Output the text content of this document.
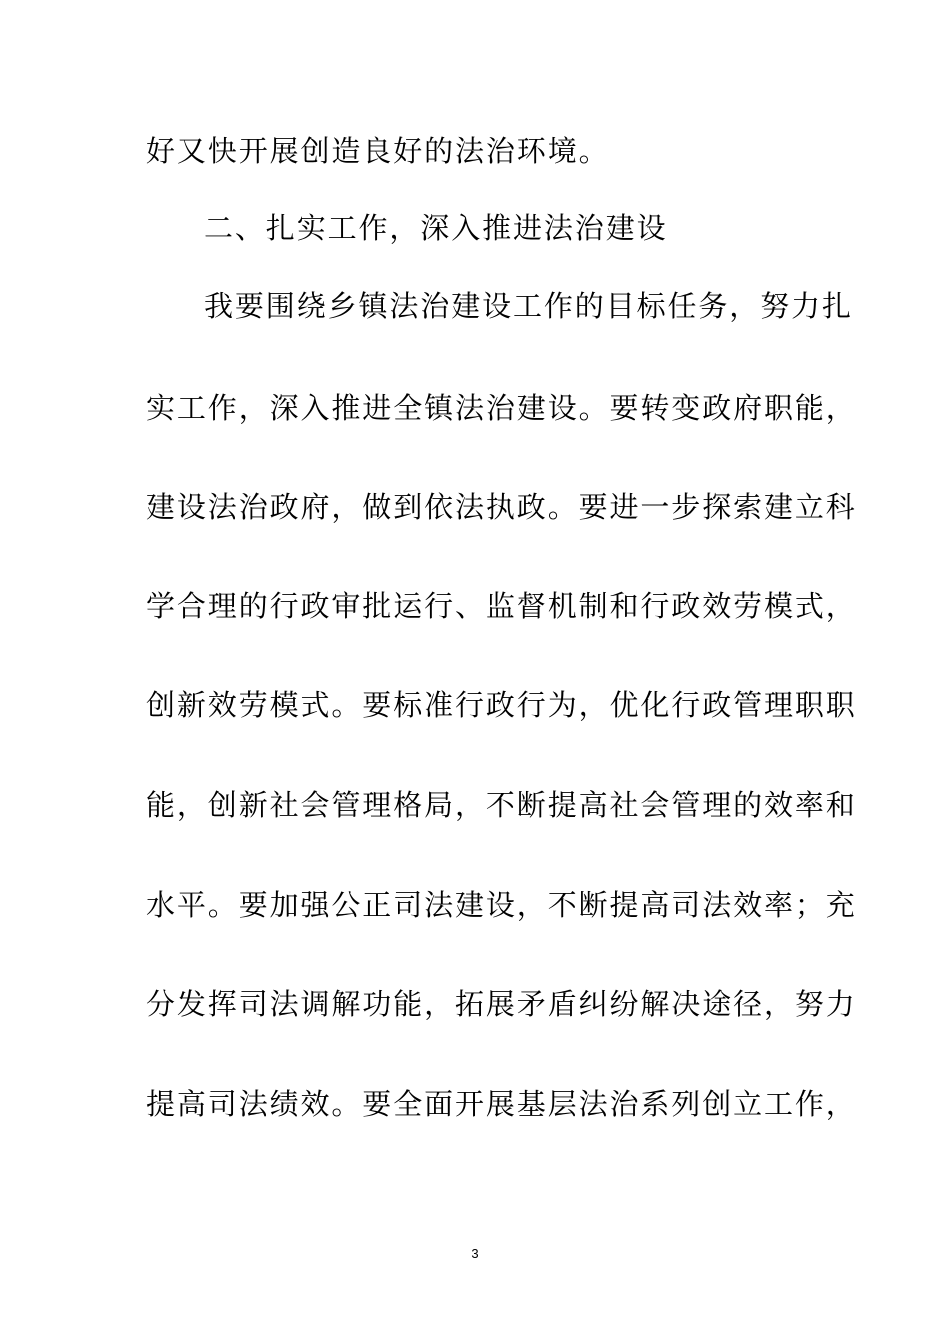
好又快开展创造良好的法治环境。
二、扎实工作，深入推进法治建设
我要围绕乡镇法治建设工作的目标任务，努力扎
实工作，深入推进全镇法治建设。要转变政府职能，
建设法治政府，做到依法执政。要进一步探索建立科
学合理的行政审批运行、监督机制和行政效劳模式，
创新效劳模式。要标准行政行为，优化行政管理职职
能，创新社会管理格局，不断提高社会管理的效率和
水平。要加强公正司法建设，不断提高司法效率；充
分发挥司法调解功能，拓展矛盾纠纷解决途径，努力
提高司法绩效。要全面开展基层法治系列创立工作，
3
